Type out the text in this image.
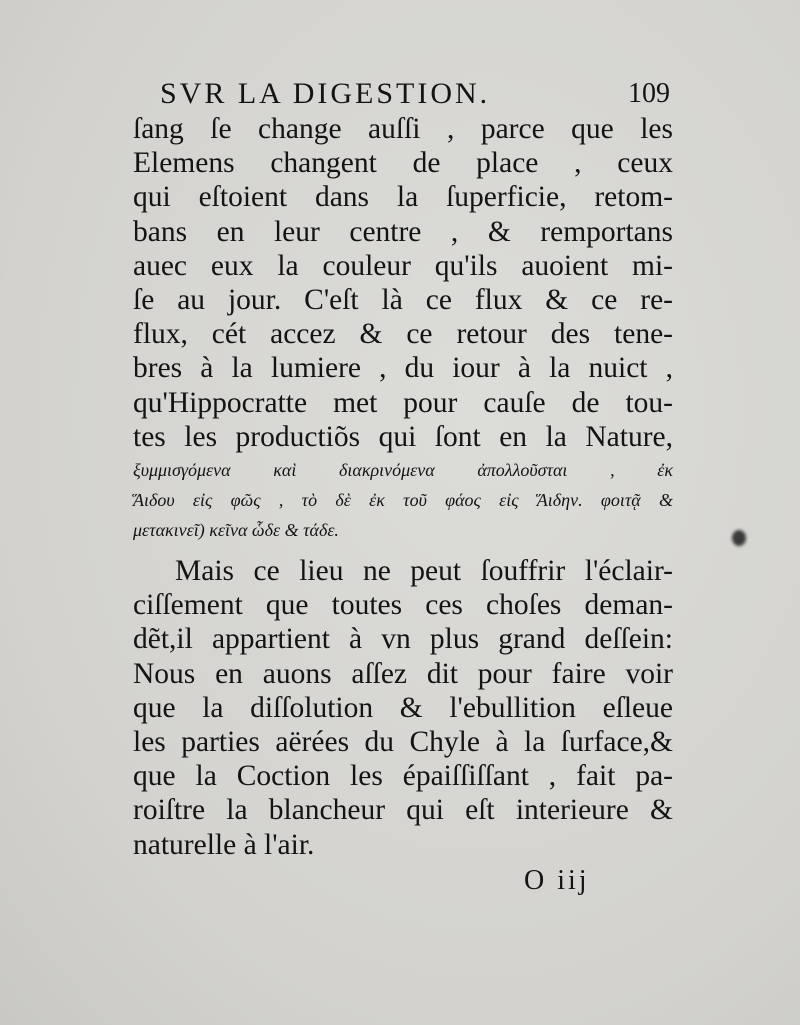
SVR LA DIGESTION.	109
ſang ſe change auſſi , parce que les
Elemens changent de place , ceux
qui eſtoient dans la ſuperficie, retom-
bans en leur centre , & remportans
auec eux la couleur qu'ils auoient mi-
ſe au jour. C'eſt là ce flux & ce re-
flux, cét accez & ce retour des tene-
bres à la lumiere , du iour à la nuict ,
qu'Hippocratte met pour cauſe de tou-
tes les productiõs qui ſont en la Nature,
ξυμμισγόμενα καὶ διακρινόμενα ἀπολλοῦσται , ἐκ
Ἅιδου εἰς φῶς , τὸ δὲ ἐκ τοῦ φάος εἰς Ἅιδην. φοιτᾷ &
μετακινεῖ) κεῖνα ὧδε & τάδε.
Mais ce lieu ne peut ſouffrir l'éclair-
ciſſement que toutes ces choſes deman-
dẽt,il appartient à vn plus grand deſſein:
Nous en auons aſſez dit pour faire voir
que la diſſolution & l'ebullition eſleue
les parties aërées du Chyle à la ſurface,&
que la Coction les épaiſſiſſant , fait pa-
roiſtre la blancheur qui eſt interieure &
naturelle à l'air.
O iij
